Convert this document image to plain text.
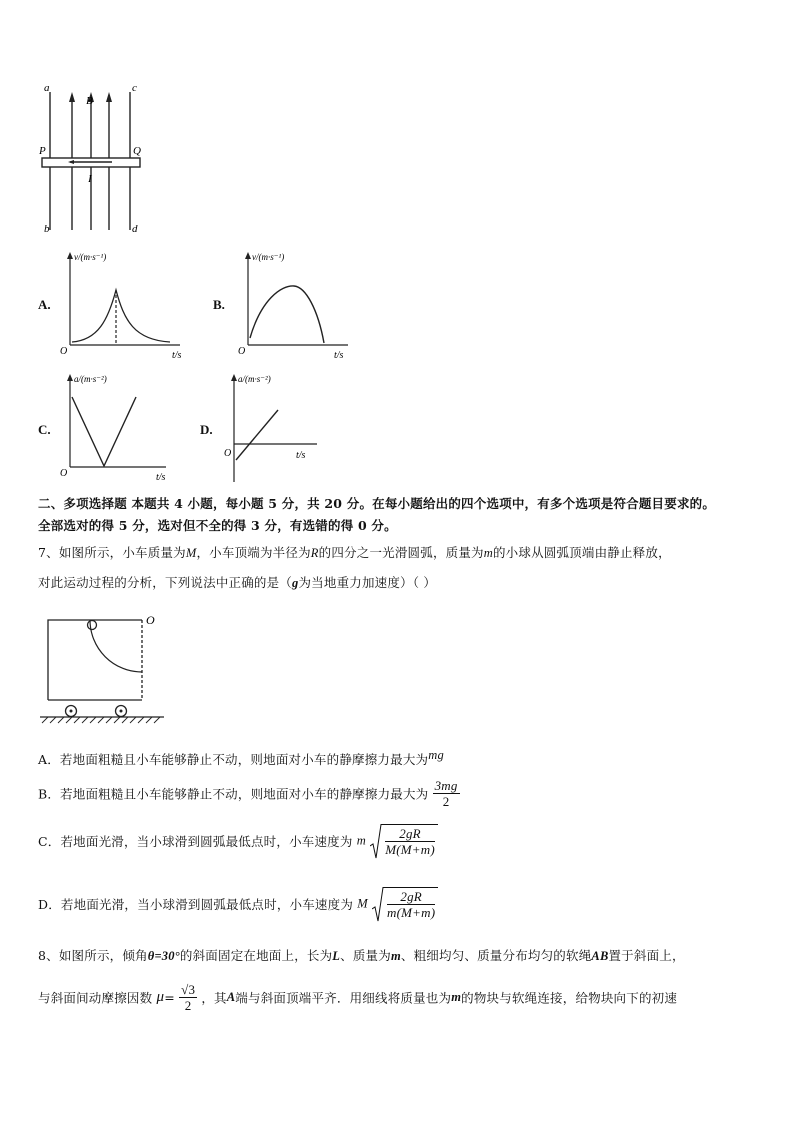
a	c
B
P	Q
I
b	d
A.
v/(m·s⁻¹)
O	t/s
B.
v/(m·s⁻¹)
O	t/s
C.
a/(m·s⁻²)
O	t/s
D.
a/(m·s⁻²)
O	t/s
二、多项选择题 本题共 4 小题，每小题 5 分，共 20 分。在每小题给出的四个选项中，有多个选项是符合题目要求的。
全部选对的得 5 分，选对但不全的得 3 分，有选错的得 0 分。
7、如图所示，小车质量为M，小车顶端为半径为R的四分之一光滑圆弧，质量为m的小球从圆弧顶端由静止释放，
对此运动过程的分析，下列说法中正确的是（g为当地重力加速度）（ ）
O
A．若地面粗糙且小车能够静止不动，则地面对小车的静摩擦力最大为mg
B．若地面粗糙且小车能够静止不动，则地面对小车的静摩擦力最大为 $\frac{3mg}{2}$
C．若地面光滑，当小球滑到圆弧最低点时，小车速度为 m $\frac{2gR}{M(M+m)}$
D．若地面光滑，当小球滑到圆弧最低点时，小车速度为 M $\frac{2gR}{m(M+m)}$
8、如图所示，倾角θ=30°的斜面固定在地面上，长为L、质量为m、粗细均匀、质量分布均匀的软绳AB置于斜面上，
与斜面间动摩擦因数 $\mu= \frac{√3}{2}$ ，其A端与斜面顶端平齐．用细线将质量也为m的物块与软绳连接，给物块向下的初速
